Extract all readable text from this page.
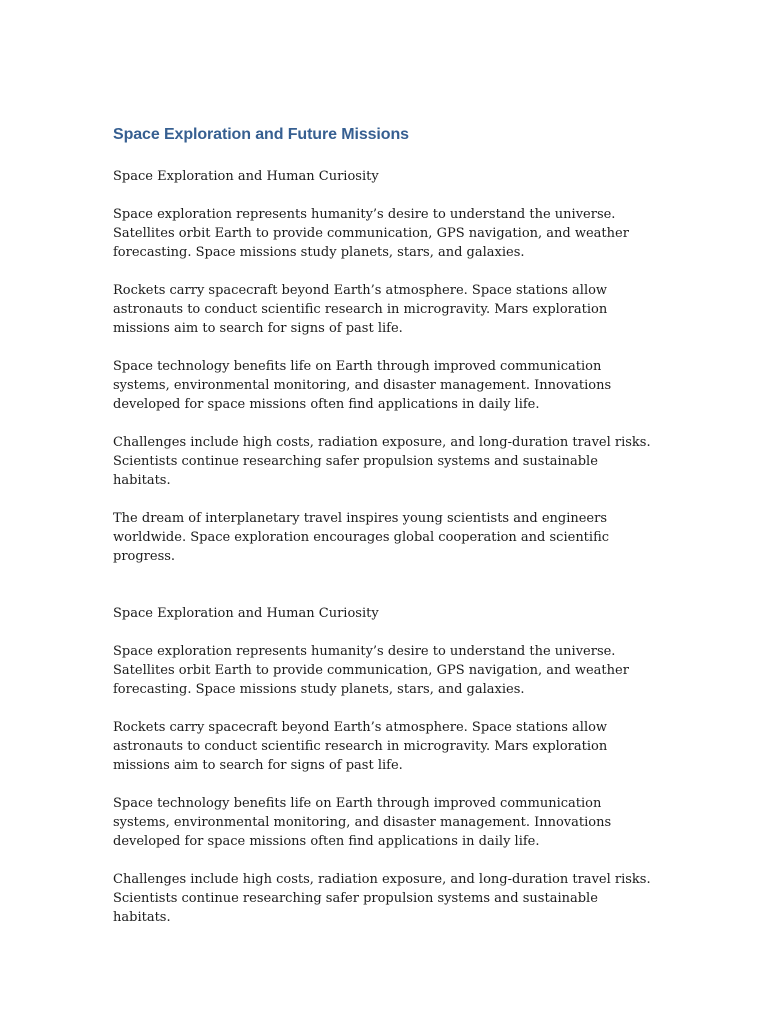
Space Exploration and Future Missions

Space Exploration and Human Curiosity

Space exploration represents humanity’s desire to understand the universe. Satellites orbit Earth to provide communication, GPS navigation, and weather forecasting. Space missions study planets, stars, and galaxies.

Rockets carry spacecraft beyond Earth’s atmosphere. Space stations allow astronauts to conduct scientific research in microgravity. Mars exploration missions aim to search for signs of past life.

Space technology benefits life on Earth through improved communication systems, environmental monitoring, and disaster management. Innovations developed for space missions often find applications in daily life.

Challenges include high costs, radiation exposure, and long-duration travel risks. Scientists continue researching safer propulsion systems and sustainable habitats.

The dream of interplanetary travel inspires young scientists and engineers worldwide. Space exploration encourages global cooperation and scientific progress.

Space Exploration and Human Curiosity

Space exploration represents humanity’s desire to understand the universe. Satellites orbit Earth to provide communication, GPS navigation, and weather forecasting. Space missions study planets, stars, and galaxies.

Rockets carry spacecraft beyond Earth’s atmosphere. Space stations allow astronauts to conduct scientific research in microgravity. Mars exploration missions aim to search for signs of past life.

Space technology benefits life on Earth through improved communication systems, environmental monitoring, and disaster management. Innovations developed for space missions often find applications in daily life.

Challenges include high costs, radiation exposure, and long-duration travel risks. Scientists continue researching safer propulsion systems and sustainable habitats.
